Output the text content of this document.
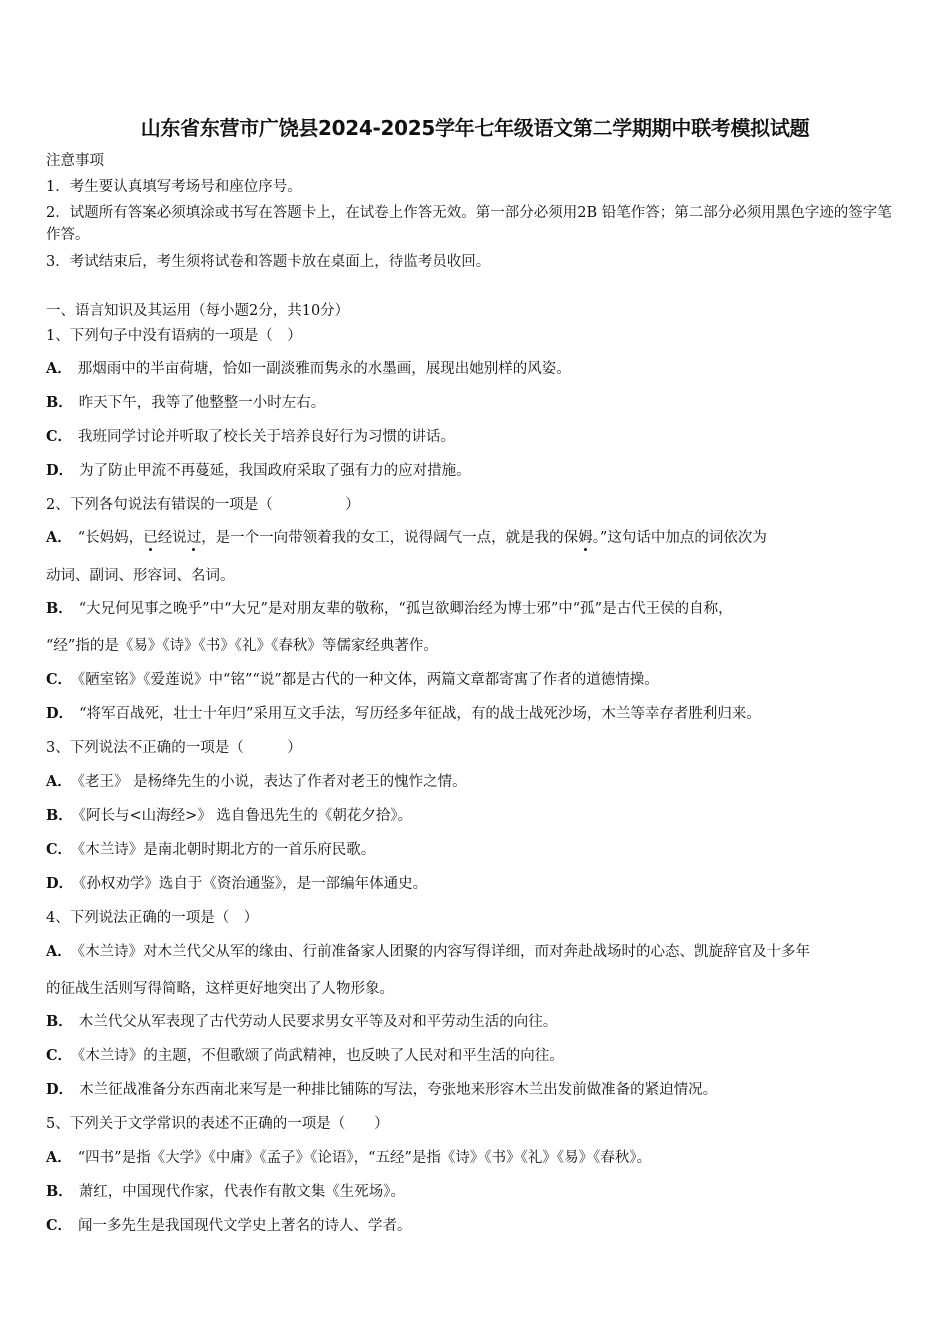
山东省东营市广饶县2024-2025学年七年级语文第二学期期中联考模拟试题
注意事项
1．考生要认真填写考场号和座位序号。
2．试题所有答案必须填涂或书写在答题卡上，在试卷上作答无效。第一部分必须用2B 铅笔作答；第二部分必须用黑色字迹的签字笔作答。
3．考试结束后，考生须将试卷和答题卡放在桌面上，待监考员收回。
一、语言知识及其运用（每小题2分，共10分）
1、下列句子中没有语病的一项是（　）
A． 那烟雨中的半亩荷塘，恰如一副淡雅而隽永的水墨画，展现出她别样的风姿。
B． 昨天下午，我等了他整整一小时左右。
C． 我班同学讨论并听取了校长关于培养良好行为习惯的讲话。
D． 为了防止甲流不再蔓延，我国政府采取了强有力的应对措施。
2、下列各句说法有错误的一项是（　　　　　）
A． “长妈妈，已经说过，是一个一向带领着我的女工，说得阔气一点，就是我的保姆。”这句话中加点的词依次为
动词、副词、形容词、名词。
B． “大兄何见事之晚乎”中“大兄”是对朋友辈的敬称，“孤岂欲卿治经为博士邪”中“孤”是古代王侯的自称，
“经”指的是《易》《诗》《书》《礼》《春秋》等儒家经典著作。
C． 《陋室铭》《爱莲说》中“铭”“说”都是古代的一种文体，两篇文章都寄寓了作者的道德情操。
D． “将军百战死，壮士十年归”采用互文手法，写历经多年征战，有的战士战死沙场，木兰等幸存者胜利归来。
3、下列说法不正确的一项是（　　　）
A． 《老王》 是杨绛先生的小说，表达了作者对老王的愧怍之情。
B． 《阿长与<山海经>》 选自鲁迅先生的《朝花夕拾》。
C． 《木兰诗》是南北朝时期北方的一首乐府民歌。
D． 《孙权劝学》选自于《资治通鉴》，是一部编年体通史。
4、下列说法正确的一项是（　）
A． 《木兰诗》对木兰代父从军的缘由、行前准备家人团聚的内容写得详细，而对奔赴战场时的心态、凯旋辞官及十多年
的征战生活则写得简略，这样更好地突出了人物形象。
B． 木兰代父从军表现了古代劳动人民要求男女平等及对和平劳动生活的向往。
C． 《木兰诗》的主题，不但歌颂了尚武精神，也反映了人民对和平生活的向往。
D． 木兰征战准备分东西南北来写是一种排比铺陈的写法，夸张地来形容木兰出发前做准备的紧迫情况。
5、下列关于文学常识的表述不正确的一项是（　　）
A． “四书”是指《大学》《中庸》《孟子》《论语》，“五经”是指《诗》《书》《礼》《易》《春秋》。
B． 萧红，中国现代作家，代表作有散文集《生死场》。
C． 闻一多先生是我国现代文学史上著名的诗人、学者。
